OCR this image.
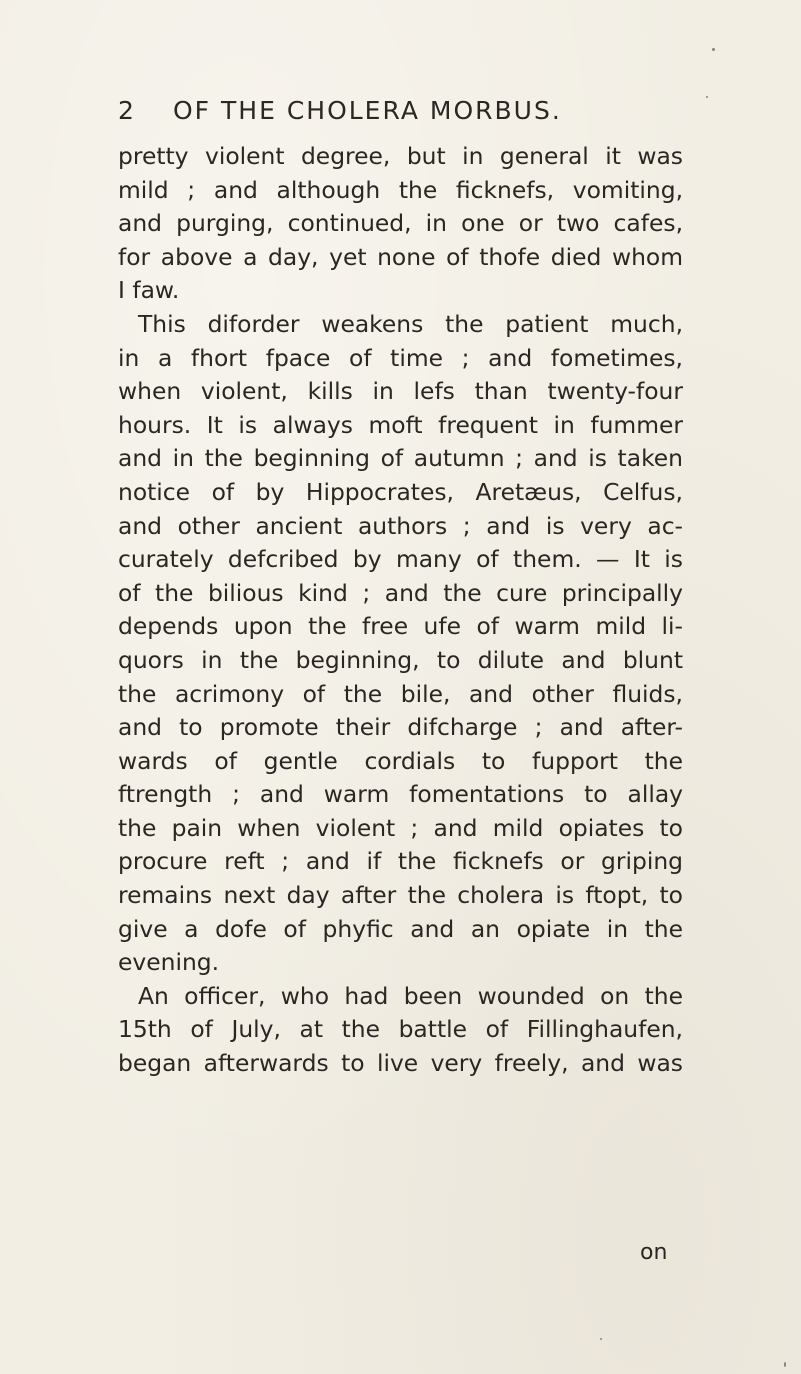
2 OF THE CHOLERA MORBUS.
pretty violent degree, but in general it was
mild ; and although the ficknefs, vomiting,
and purging, continued, in one or two cafes,
for above a day, yet none of thofe died whom
I faw.
This diforder weakens the patient much,
in a fhort fpace of time ; and fometimes,
when violent, kills in lefs than twenty-four
hours. It is always moft frequent in fummer
and in the beginning of autumn ; and is taken
notice of by Hippocrates, Aretæus, Celfus,
and other ancient authors ; and is very ac-
curately defcribed by many of them. — It is
of the bilious kind ; and the cure principally
depends upon the free ufe of warm mild li-
quors in the beginning, to dilute and blunt
the acrimony of the bile, and other fluids,
and to promote their difcharge ; and after-
wards of gentle cordials to fupport the
ftrength ; and warm fomentations to allay
the pain when violent ; and mild opiates to
procure reft ; and if the ficknefs or griping
remains next day after the cholera is ftopt, to
give a dofe of phyfic and an opiate in the
evening.
An officer, who had been wounded on the
15th of July, at the battle of Fillinghaufen,
began afterwards to live very freely, and was
on
